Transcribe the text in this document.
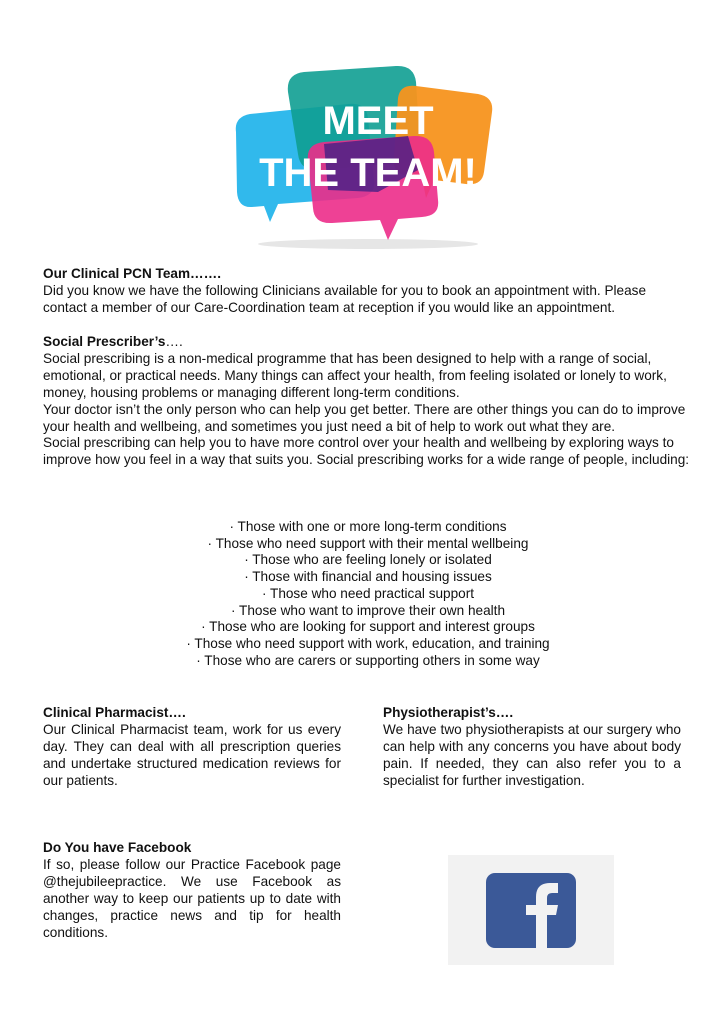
MEET
THE TEAM!

Our Clinical PCN Team…….

Did you know we have the following Clinicians available for you to book an appointment with. Please contact a member of our Care-Coordination team at reception if you would like an appointment.

Social Prescriber’s….

Social prescribing is a non-medical programme that has been designed to help with a range of social, emotional, or practical needs. Many things can affect your health, from feeling isolated or lonely to work, money, housing problems or managing different long-term conditions.

Your doctor isn’t the only person who can help you get better. There are other things you can do to improve your health and wellbeing, and sometimes you just need a bit of help to work out what they are.

Social prescribing can help you to have more control over your health and wellbeing by exploring ways to improve how you feel in a way that suits you. Social prescribing works for a wide range of people, including:

· Those with one or more long-term conditions

· Those who need support with their mental wellbeing

· Those who are feeling lonely or isolated

· Those with financial and housing issues

· Those who need practical support

· Those who want to improve their own health

· Those who are looking for support and interest groups

· Those who need support with work, education, and training

· Those who are carers or supporting others in some way

Clinical Pharmacist….

Our Clinical Pharmacist team, work for us every day. They can deal with all prescription queries and undertake structured medication reviews for our patients.

Physiotherapist’s….

We have two physiotherapists at our surgery who can help with any concerns you have about body pain. If needed, they can also refer you to a specialist for further investigation.

Do You have Facebook

If so, please follow our Practice Facebook page @thejubileepractice. We use Facebook as another way to keep our patients up to date with changes, practice news and tip for health conditions.
